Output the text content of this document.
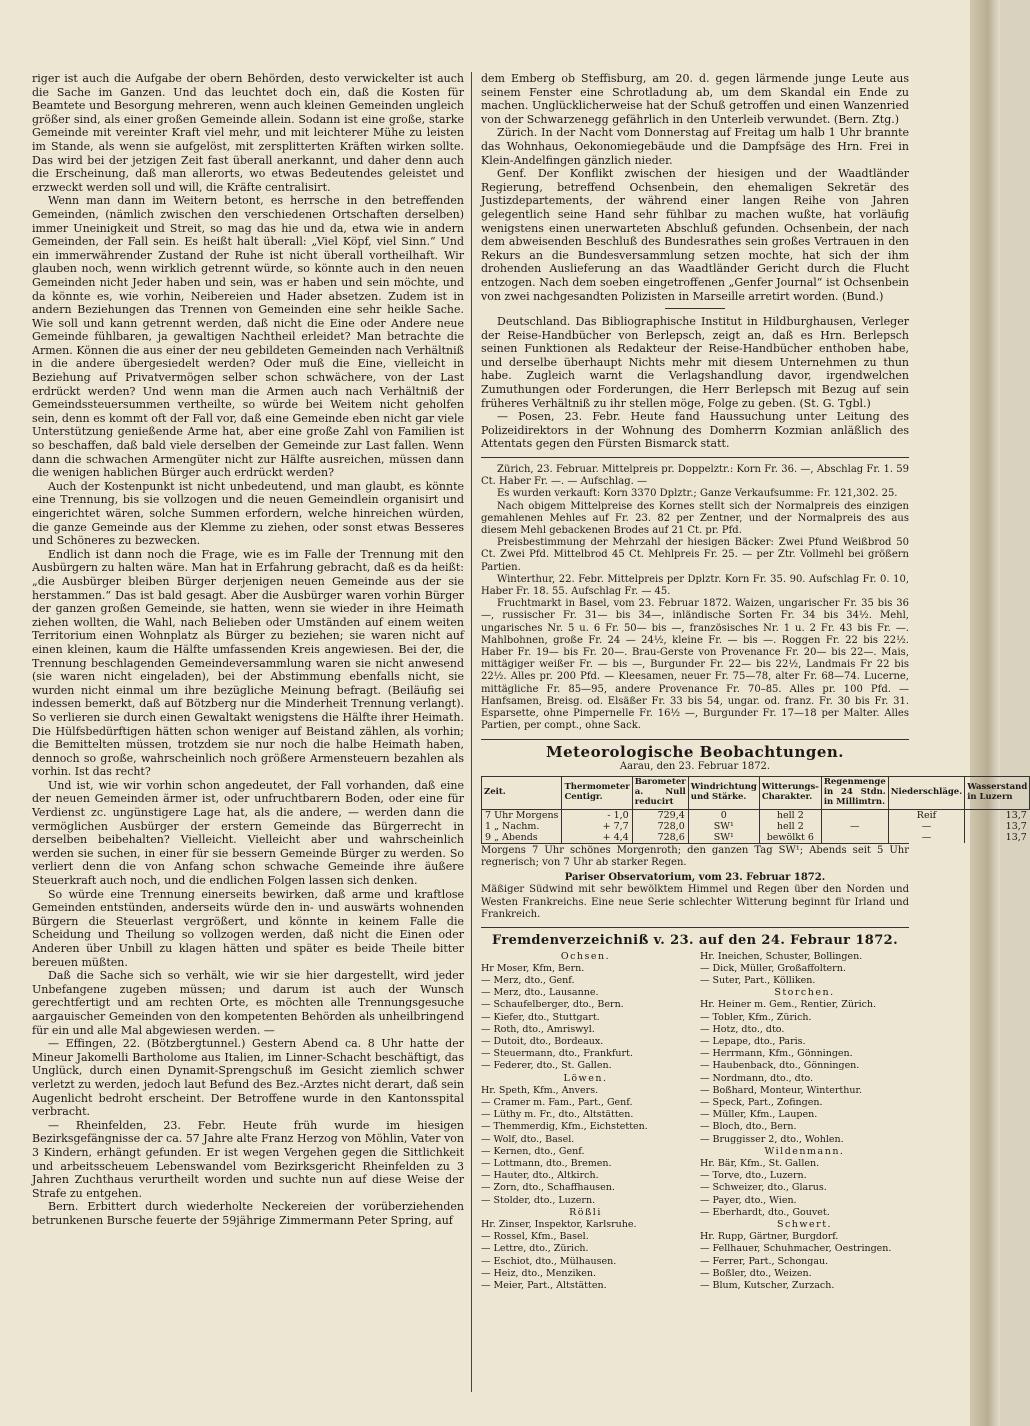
riger ist auch die Aufgabe der obern Behörden, desto verwickelter ist auch die Sache im Ganzen. Und das leuchtet doch ein, daß die Kosten für Beamtete und Besorgung mehreren, wenn auch kleinen Gemeinden ungleich größer sind, als einer großen Gemeinde allein. Sodann ist eine große, starke Gemeinde mit vereinter Kraft viel mehr, und mit leichterer Mühe zu leisten im Stande, als wenn sie aufgelöst, mit zersplitterten Kräften wirken sollte. Das wird bei der jetzigen Zeit fast überall anerkannt, und daher denn auch die Erscheinung, daß man allerorts, wo etwas Bedeutendes geleistet und erzweckt werden soll und will, die Kräfte centralisirt.

Wenn man dann im Weitern betont, es herrsche in den betreffenden Gemeinden, (nämlich zwischen den verschiedenen Ortschaften derselben) immer Uneinigkeit und Streit, so mag das hie und da, etwa wie in andern Gemeinden, der Fall sein. Es heißt halt überall: „Viel Köpf, viel Sinn.“ Und ein immerwährender Zustand der Ruhe ist nicht überall vortheilhaft. Wir glauben noch, wenn wirklich getrennt würde, so könnte auch in den neuen Gemeinden nicht Jeder haben und sein, was er haben und sein möchte, und da könnte es, wie vorhin, Neibereien und Hader absetzen. Zudem ist in andern Beziehungen das Trennen von Gemeinden eine sehr heikle Sache. Wie soll und kann getrennt werden, daß nicht die Eine oder Andere neue Gemeinde fühlbaren, ja gewaltigen Nachtheil erleidet? Man betrachte die Armen. Können die aus einer der neu gebildeten Gemeinden nach Verhältniß in die andere übergesiedelt werden? Oder muß die Eine, vielleicht in Beziehung auf Privatvermögen selber schon schwächere, von der Last erdrückt werden? Und wenn man die Armen auch nach Verhältniß der Gemeindssteuersummen vertheilte, so würde bei Weitem nicht geholfen sein, denn es kommt oft der Fall vor, daß eine Gemeinde eben nicht gar viele Unterstützung genießende Arme hat, aber eine große Zahl von Familien ist so beschaffen, daß bald viele derselben der Gemeinde zur Last fallen. Wenn dann die schwachen Armengüter nicht zur Hälfte ausreichen, müssen dann die wenigen hablichen Bürger auch erdrückt werden?

Auch der Kostenpunkt ist nicht unbedeutend, und man glaubt, es könnte eine Trennung, bis sie vollzogen und die neuen Gemeindlein organisirt und eingerichtet wären, solche Summen erfordern, welche hinreichen würden, die ganze Gemeinde aus der Klemme zu ziehen, oder sonst etwas Besseres und Schöneres zu bezwecken.

Endlich ist dann noch die Frage, wie es im Falle der Trennung mit den Ausbürgern zu halten wäre. Man hat in Erfahrung gebracht, daß es da heißt: „die Ausbürger bleiben Bürger derjenigen neuen Gemeinde aus der sie herstammen.“ Das ist bald gesagt. Aber die Ausbürger waren vorhin Bürger der ganzen großen Gemeinde, sie hatten, wenn sie wieder in ihre Heimath ziehen wollten, die Wahl, nach Belieben oder Umständen auf einem weiten Territorium einen Wohnplatz als Bürger zu beziehen; sie waren nicht auf einen kleinen, kaum die Hälfte umfassenden Kreis angewiesen. Bei der, die Trennung beschlagenden Gemeindeversammlung waren sie nicht anwesend (sie waren nicht eingeladen), bei der Abstimmung ebenfalls nicht, sie wurden nicht einmal um ihre bezügliche Meinung befragt. (Beiläufig sei indessen bemerkt, daß auf Bötzberg nur die Minderheit Trennung verlangt). So verlieren sie durch einen Gewaltakt wenigstens die Hälfte ihrer Heimath. Die Hülfsbedürftigen hätten schon weniger auf Beistand zählen, als vorhin; die Bemittelten müssen, trotzdem sie nur noch die halbe Heimath haben, dennoch so große, wahrscheinlich noch größere Armensteuern bezahlen als vorhin. Ist das recht?

Und ist, wie wir vorhin schon angedeutet, der Fall vorhanden, daß eine der neuen Gemeinden ärmer ist, oder unfruchtbarern Boden, oder eine für Verdienst zc. ungünstigere Lage hat, als die andere, — werden dann die vermöglichen Ausbürger der erstern Gemeinde das Bürgerrecht in derselben beibehalten? Vielleicht. Vielleicht aber und wahrscheinlich werden sie suchen, in einer für sie bessern Gemeinde Bürger zu werden. So verliert denn die von Anfang schon schwache Gemeinde ihre äußere Steuerkraft auch noch, und die endlichen Folgen lassen sich denken.

So würde eine Trennung einerseits bewirken, daß arme und kraftlose Gemeinden entstünden, anderseits würde den in- und auswärts wohnenden Bürgern die Steuerlast vergrößert, und könnte in keinem Falle die Scheidung und Theilung so vollzogen werden, daß nicht die Einen oder Anderen über Unbill zu klagen hätten und später es beide Theile bitter bereuen müßten.

Daß die Sache sich so verhält, wie wir sie hier dargestellt, wird jeder Unbefangene zugeben müssen; und darum ist auch der Wunsch gerechtfertigt und am rechten Orte, es möchten alle Trennungsgesuche aargauischer Gemeinden von den kompetenten Behörden als unheilbringend für ein und alle Mal abgewiesen werden. —

— Effingen, 22. (Bötzbergtunnel.) Gestern Abend ca. 8 Uhr hatte der Mineur Jakomelli Bartholome aus Italien, im Linner-Schacht beschäftigt, das Unglück, durch einen Dynamit-Sprengschuß im Gesicht ziemlich schwer verletzt zu werden, jedoch laut Befund des Bez.-Arztes nicht derart, daß sein Augenlicht bedroht erscheint. Der Betroffene wurde in den Kantonsspital verbracht.

— Rheinfelden, 23. Febr. Heute früh wurde im hiesigen Bezirksgefängnisse der ca. 57 Jahre alte Franz Herzog von Möhlin, Vater von 3 Kindern, erhängt gefunden. Er ist wegen Vergehen gegen die Sittlichkeit und arbeitsscheuem Lebenswandel vom Bezirksgericht Rheinfelden zu 3 Jahren Zuchthaus verurtheilt worden und suchte nun auf diese Weise der Strafe zu entgehen.

Bern. Erbittert durch wiederholte Neckereien der vorüberziehenden betrunkenen Bursche feuerte der 59jährige Zimmermann Peter Spring, auf

dem Emberg ob Steffisburg, am 20. d. gegen lärmende junge Leute aus seinem Fenster eine Schrotladung ab, um dem Skandal ein Ende zu machen. Unglücklicherweise hat der Schuß getroffen und einen Wanzenried von der Schwarzenegg gefährlich in den Unterleib verwundet. (Bern. Ztg.)

Zürich. In der Nacht vom Donnerstag auf Freitag um halb 1 Uhr brannte das Wohnhaus, Oekonomiegebäude und die Dampfsäge des Hrn. Frei in Klein-Andelfingen gänzlich nieder.

Genf. Der Konflikt zwischen der hiesigen und der Waadtländer Regierung, betreffend Ochsenbein, den ehemaligen Sekretär des Justizdepartements, der während einer langen Reihe von Jahren gelegentlich seine Hand sehr fühlbar zu machen wußte, hat vorläufig wenigstens einen unerwarteten Abschluß gefunden. Ochsenbein, der nach dem abweisenden Beschluß des Bundesrathes sein großes Vertrauen in den Rekurs an die Bundesversammlung setzen mochte, hat sich der ihm drohenden Auslieferung an das Waadtländer Gericht durch die Flucht entzogen. Nach dem soeben eingetroffenen „Genfer Journal“ ist Ochsenbein von zwei nachgesandten Polizisten in Marseille arretirt worden. (Bund.)

Deutschland. Das Bibliographische Institut in Hildburghausen, Verleger der Reise-Handbücher von Berlepsch, zeigt an, daß es Hrn. Berlepsch seinen Funktionen als Redakteur der Reise-Handbücher enthoben habe, und derselbe überhaupt Nichts mehr mit diesem Unternehmen zu thun habe. Zugleich warnt die Verlagshandlung davor, irgendwelchen Zumuthungen oder Forderungen, die Herr Berlepsch mit Bezug auf sein früheres Verhältniß zu ihr stellen möge, Folge zu geben. (St. G. Tgbl.)

— Posen, 23. Febr. Heute fand Haussuchung unter Leitung des Polizeidirektors in der Wohnung des Domherrn Kozmian anläßlich des Attentats gegen den Fürsten Bismarck statt.

Zürich, 23. Februar. Mittelpreis pr. Doppelztr.: Korn Fr. 36. —, Abschlag Fr. 1. 59 Ct. Haber Fr. —. — Aufschlag. —

Es wurden verkauft: Korn 3370 Dplztr.; Ganze Verkaufsumme: Fr. 121,302. 25.

Nach obigem Mittelpreise des Kornes stellt sich der Normalpreis des einzigen gemahlenen Mehles auf Fr. 23. 82 per Zentner, und der Normalpreis des aus diesem Mehl gebackenen Brodes auf 21 Ct. pr. Pfd.

Preisbestimmung der Mehrzahl der hiesigen Bäcker: Zwei Pfund Weißbrod 50 Ct. Zwei Pfd. Mittelbrod 45 Ct. Mehlpreis Fr. 25. — per Ztr. Vollmehl bei größern Partien.

Winterthur, 22. Febr. Mittelpreis per Dplztr. Korn Fr. 35. 90. Aufschlag Fr. 0. 10, Haber Fr. 18. 55. Aufschlag Fr. — 45.

Fruchtmarkt in Basel, vom 23. Februar 1872. Waizen, ungarischer Fr. 35 bis 36—, russischer Fr. 31— bis 34—, inländische Sorten Fr. 34 bis 34½. Mehl, ungarisches Nr. 5 u. 6 Fr. 50— bis —, französisches Nr. 1 u. 2 Fr. 43 bis Fr. —. Mahlbohnen, große Fr. 24 — 24½, kleine Fr. — bis —. Roggen Fr. 22 bis 22½. Haber Fr. 19— bis Fr. 20—. Brau-Gerste von Provenance Fr. 20— bis 22—. Mais, mittägiger weißer Fr. — bis —, Burgunder Fr. 22— bis 22½, Landmais Fr 22 bis 22½. Alles pr. 200 Pfd. — Kleesamen, neuer Fr. 75—78, alter Fr. 68—74. Lucerne, mittägliche Fr. 85—95, andere Provenance Fr. 70–85. Alles pr. 100 Pfd. — Hanfsamen, Breisg. od. Elsäßer Fr. 33 bis 54, ungar. od. franz. Fr. 30 bis Fr. 31. Esparsette, ohne Pimpernelle Fr. 16½ —, Burgunder Fr. 17—18 per Malter. Alles Partien, per compt., ohne Sack.

Meteorologische Beobachtungen.
Aarau, den 23. Februar 1872.
Zeit.	Thermometer Centigr.	Barometer a. Null reducirt	Windrichtung und Stärke.	Witterungs-Charakter.	Regenmenge in 24 Stdn. in Millimtrn.	Niederschläge.	Wasserstand in Luzern
7 Uhr Morgens	- 1,0	729,4	0	hell 2		Reif	13,7
1 „ Nachm.	+ 7,7	728,0	SW¹	hell 2	—	—	13,7
9 „ Abends	+ 4,4	728,6	SW¹	bewölkt 6		—	13,7
Morgens 7 Uhr schönes Morgenroth; den ganzen Tag SW¹; Abends seit 5 Uhr regnerisch; von 7 Uhr ab starker Regen.
Pariser Observatorium, vom 23. Februar 1872.
Mäßiger Südwind mit sehr bewölktem Himmel und Regen über den Norden und Westen Frankreichs. Eine neue Serie schlechter Witterung beginnt für Irland und Frankreich.
Fremdenverzeichniß v. 23. auf den 24. Febraur 1872.
Ochsen.
Hr Moser, Kfm, Bern.
— Merz, dto., Genf.
— Merz, dto., Lausanne.
— Schaufelberger, dto., Bern.
— Kiefer, dto., Stuttgart.
— Roth, dto., Amriswyl.
— Dutoit, dto., Bordeaux.
— Steuermann, dto., Frankfurt.
— Federer, dto., St. Gallen.
Löwen.
Hr. Speth, Kfm., Anvers.
— Cramer m. Fam., Part., Genf.
— Lüthy m. Fr., dto., Altstätten.
— Themmerdig, Kfm., Eichstetten.
— Wolf, dto., Basel.
— Kernen, dto., Genf.
— Lottmann, dto., Bremen.
— Hauter, dto., Altkirch.
— Zorn, dto., Schaffhausen.
— Stolder, dto., Luzern.
Rößli
Hr. Zinser, Inspektor, Karlsruhe.
— Rossel, Kfm., Basel.
— Lettre, dto., Zürich.
— Eschiot, dto., Mülhausen.
— Heiz, dto., Menziken.
— Meier, Part., Altstätten.
Hr. Ineichen, Schuster, Bollingen.
— Dick, Müller, Großaffoltern.
— Suter, Part., Kölliken.
Storchen.
Hr. Heiner m. Gem., Rentier, Zürich.
— Tobler, Kfm., Zürich.
— Hotz, dto., dto.
— Lepape, dto., Paris.
— Herrmann, Kfm., Gönningen.
— Haubenback, dto., Gönningen.
— Nordmann, dto., dto.
— Boßhard, Monteur, Winterthur.
— Speck, Part., Zofingen.
— Müller, Kfm., Laupen.
— Bloch, dto., Bern.
— Bruggisser 2, dto., Wohlen.
Wildenmann.
Hr. Bär, Kfm., St. Gallen.
— Torve, dto., Luzern.
— Schweizer, dto., Glarus.
— Payer, dto., Wien.
— Eberhardt, dto., Gouvet.
Schwert.
Hr. Rupp, Gärtner, Burgdorf.
— Fellhauer, Schuhmacher, Oestringen.
— Ferrer, Part., Schongau.
— Boßler, dto., Weizen.
— Blum, Kutscher, Zurzach.
